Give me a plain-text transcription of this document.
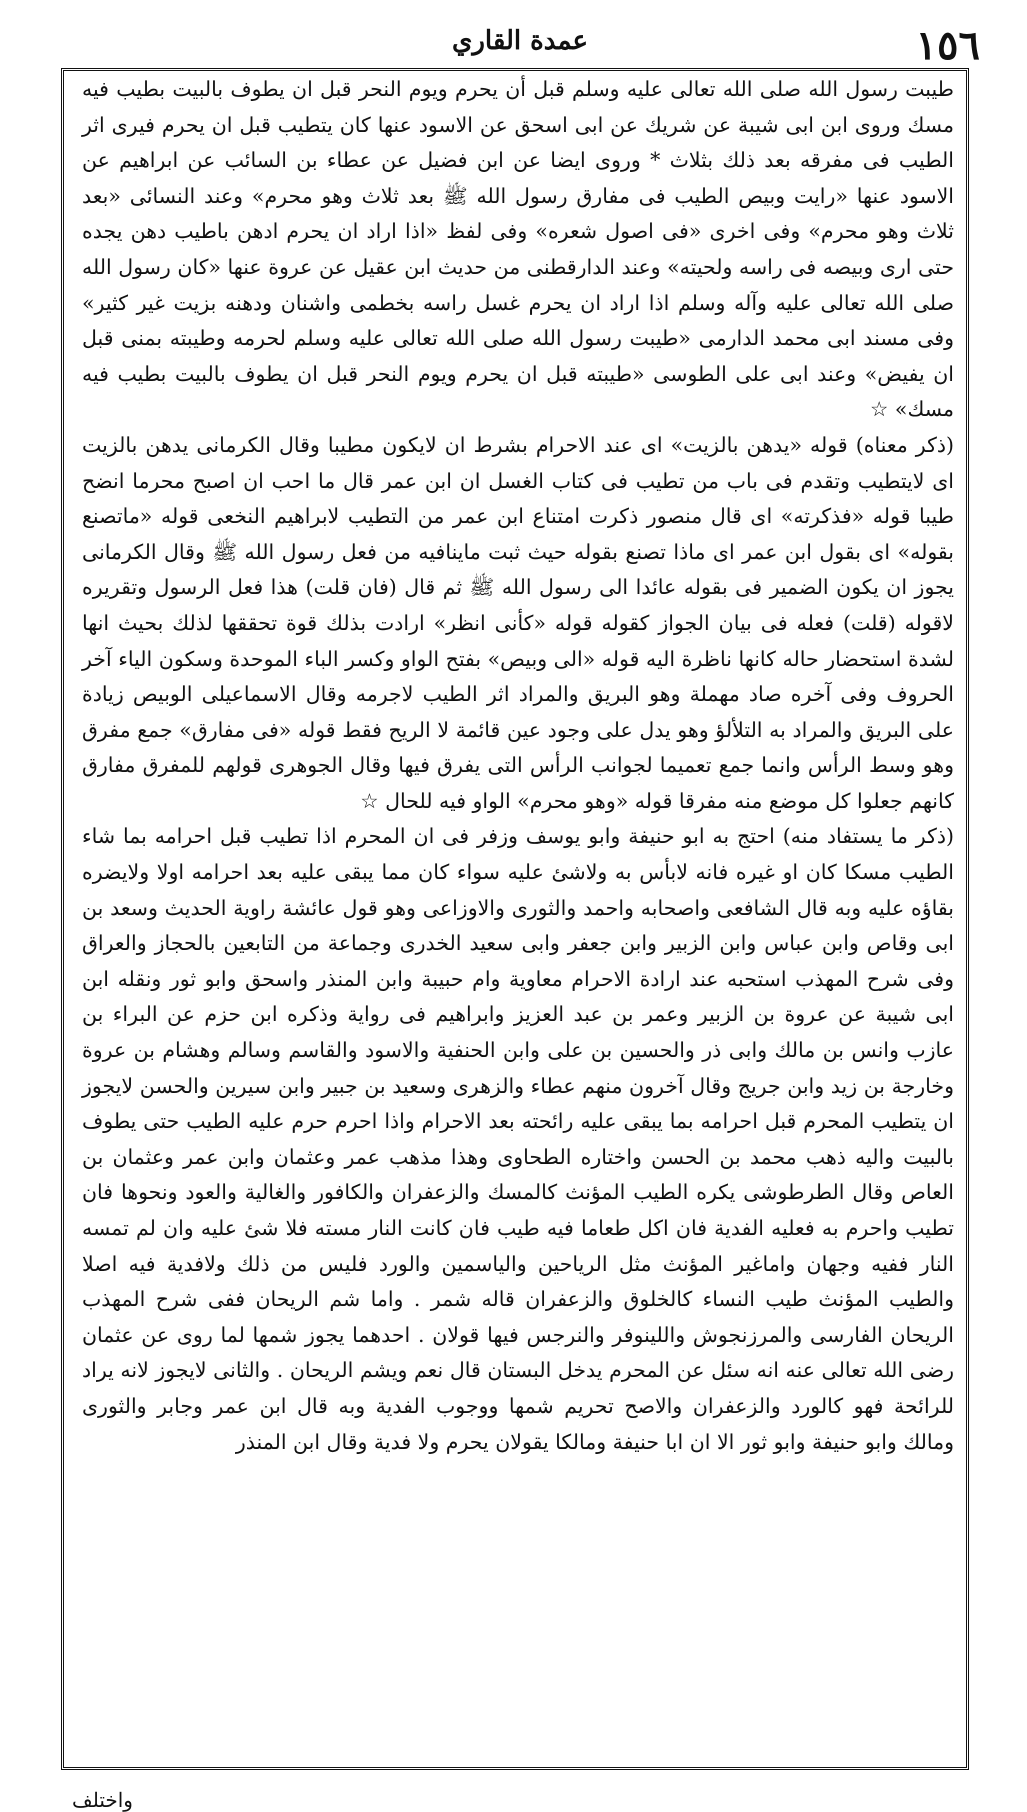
١٥٦
عمدة القاري

طيبت رسول الله صلى الله تعالى عليه وسلم قبل أن يحرم ويوم النحر قبل ان يطوف بالبيت بطيب فيه مسك وروى ابن ابى شيبة عن شريك عن ابى اسحق عن الاسود عنها كان يتطيب قبل ان يحرم فيرى اثر الطيب فى مفرقه بعد ذلك بثلاث * وروى ايضا عن ابن فضيل عن عطاء بن السائب عن ابراهيم عن الاسود عنها «رايت وبيص الطيب فى مفارق رسول الله ﷺ بعد ثلاث وهو محرم» وعند النسائى «بعد ثلاث وهو محرم» وفى اخرى «فى اصول شعره» وفى لفظ «اذا اراد ان يحرم ادهن باطيب دهن يجده حتى ارى وبيصه فى راسه ولحيته» وعند الدارقطنى من حديث ابن عقيل عن عروة عنها «كان رسول الله صلى الله تعالى عليه وآله وسلم اذا اراد ان يحرم غسل راسه بخطمى واشنان ودهنه بزيت غير كثير» وفى مسند ابى محمد الدارمى «طيبت رسول الله صلى الله تعالى عليه وسلم لحرمه وطيبته بمنى قبل ان يفيض» وعند ابى على الطوسى «طيبته قبل ان يحرم ويوم النحر قبل ان يطوف بالبيت بطيب فيه مسك» ☆

(ذكر معناه) قوله «يدهن بالزيت» اى عند الاحرام بشرط ان لايكون مطيبا وقال الكرمانى يدهن بالزيت اى لايتطيب وتقدم فى باب من تطيب فى كتاب الغسل ان ابن عمر قال ما احب ان اصبح محرما انضح طيبا قوله «فذكرته» اى قال منصور ذكرت امتناع ابن عمر من التطيب لابراهيم النخعى قوله «ماتصنع بقوله» اى بقول ابن عمر اى ماذا تصنع بقوله حيث ثبت ماينافيه من فعل رسول الله ﷺ وقال الكرمانى يجوز ان يكون الضمير فى بقوله عائدا الى رسول الله ﷺ ثم قال (فان قلت) هذا فعل الرسول وتقريره لاقوله (قلت) فعله فى بيان الجواز كقوله قوله «كأنى انظر» ارادت بذلك قوة تحققها لذلك بحيث انها لشدة استحضار حاله كانها ناظرة اليه قوله «الى وبيص» بفتح الواو وكسر الباء الموحدة وسكون الياء آخر الحروف وفى آخره صاد مهملة وهو البريق والمراد اثر الطيب لاجرمه وقال الاسماعيلى الوبيص زيادة على البريق والمراد به التلألؤ وهو يدل على وجود عين قائمة لا الريح فقط قوله «فى مفارق» جمع مفرق وهو وسط الرأس وانما جمع تعميما لجوانب الرأس التى يفرق فيها وقال الجوهرى قولهم للمفرق مفارق كانهم جعلوا كل موضع منه مفرقا قوله «وهو محرم» الواو فيه للحال ☆

(ذكر ما يستفاد منه) احتج به ابو حنيفة وابو يوسف وزفر فى ان المحرم اذا تطيب قبل احرامه بما شاء الطيب مسكا كان او غيره فانه لابأس به ولاشئ عليه سواء كان مما يبقى عليه بعد احرامه اولا ولايضره بقاؤه عليه وبه قال الشافعى واصحابه واحمد والثورى والاوزاعى وهو قول عائشة راوية الحديث وسعد بن ابى وقاص وابن عباس وابن الزبير وابن جعفر وابى سعيد الخدرى وجماعة من التابعين بالحجاز والعراق وفى شرح المهذب استحبه عند ارادة الاحرام معاوية وام حبيبة وابن المنذر واسحق وابو ثور ونقله ابن ابى شيبة عن عروة بن الزبير وعمر بن عبد العزيز وابراهيم فى رواية وذكره ابن حزم عن البراء بن عازب وانس بن مالك وابى ذر والحسين بن على وابن الحنفية والاسود والقاسم وسالم وهشام بن عروة وخارجة بن زيد وابن جريج وقال آخرون منهم عطاء والزهرى وسعيد بن جبير وابن سيرين والحسن لايجوز ان يتطيب المحرم قبل احرامه بما يبقى عليه رائحته بعد الاحرام واذا احرم حرم عليه الطيب حتى يطوف بالبيت واليه ذهب محمد بن الحسن واختاره الطحاوى وهذا مذهب عمر وعثمان وابن عمر وعثمان بن العاص وقال الطرطوشى يكره الطيب المؤنث كالمسك والزعفران والكافور والغالية والعود ونحوها فان تطيب واحرم به فعليه الفدية فان اكل طعاما فيه طيب فان كانت النار مسته فلا شئ عليه وان لم تمسه النار ففيه وجهان واماغير المؤنث مثل الرياحين والياسمين والورد فليس من ذلك ولافدية فيه اصلا والطيب المؤنث طيب النساء كالخلوق والزعفران قاله شمر . واما شم الريحان ففى شرح المهذب الريحان الفارسى والمرزنجوش واللينوفر والنرجس فيها قولان . احدهما يجوز شمها لما روى عن عثمان رضى الله تعالى عنه انه سئل عن المحرم يدخل البستان قال نعم ويشم الريحان . والثانى لايجوز لانه يراد للرائحة فهو كالورد والزعفران والاصح تحريم شمها ووجوب الفدية وبه قال ابن عمر وجابر والثورى ومالك وابو حنيفة وابو ثور الا ان ابا حنيفة ومالكا يقولان يحرم ولا فدية وقال ابن المنذر

واختلف
